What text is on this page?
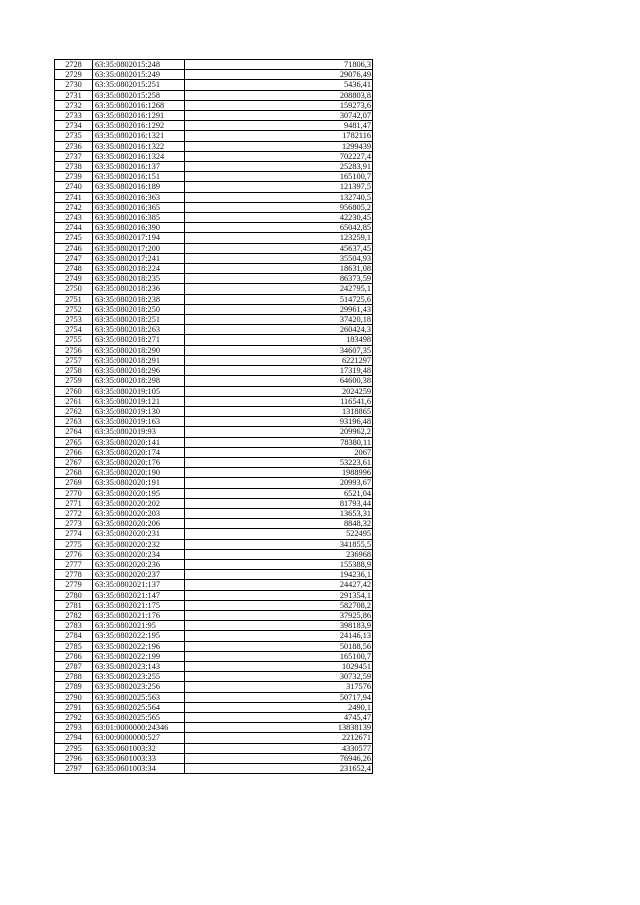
2728	63:35:0802015:248	71806,3
2729	63:35:0802015:249	29076,49
2730	63:35:0802015:251	5436,41
2731	63:35:0802015:258	208803,8
2732	63:35:0802016:1268	159273,6
2733	63:35:0802016:1291	30742,07
2734	63:35:0802016:1292	9481,47
2735	63:35:0802016:1321	1782116
2736	63:35:0802016:1322	1299439
2737	63:35:0802016:1324	702227,4
2738	63:35:0802016:137	25283,91
2739	63:35:0802016:151	165100,7
2740	63:35:0802016:189	121397,5
2741	63:35:0802016:363	132740,5
2742	63:35:0802016:365	956805,2
2743	63:35:0802016:385	42230,45
2744	63:35:0802016:390	65042,85
2745	63:35:0802017:194	123259,1
2746	63:35:0802017:200	45637,45
2747	63:35:0802017:241	35504,93
2748	63:35:0802018:224	18631,08
2749	63:35:0802018:235	86373,59
2750	63:35:0802018:236	242795,1
2751	63:35:0802018:238	514725,6
2752	63:35:0802018:250	29961,43
2753	63:35:0802018:251	37420,18
2754	63:35:0802018:263	260424,3
2755	63:35:0802018:271	183498
2756	63:35:0802018:290	34607,35
2757	63:35:0802018:291	6221297
2758	63:35:0802018:296	17319,48
2759	63:35:0802018:298	64600,38
2760	63:35:0802019:105	2024259
2761	63:35:0802019:121	116541,6
2762	63:35:0802019:130	1318865
2763	63:35:0802019:163	93196,48
2764	63:35:0802019:93	209962,2
2765	63:35:0802020:141	78380,11
2766	63:35:0802020:174	2067
2767	63:35:0802020:176	53223,61
2768	63:35:0802020:190	1988996
2769	63:35:0802020:191	20993,67
2770	63:35:0802020:195	6521,04
2771	63:35:0802020:202	81793,44
2772	63:35:0802020:203	13653,31
2773	63:35:0802020:206	8848,32
2774	63:35:0802020:231	522495
2775	63:35:0802020:232	341855,5
2776	63:35:0802020:234	236968
2777	63:35:0802020:236	155388,9
2778	63:35:0802020:237	194236,1
2779	63:35:0802021:137	24427,42
2780	63:35:0802021:147	291354,1
2781	63:35:0802021:175	582708,2
2782	63:35:0802021:176	37925,86
2783	63:35:0802021:95	398183,9
2784	63:35:0802022:195	24146,13
2785	63:35:0802022:196	50188,56
2786	63:35:0802022:199	165100,7
2787	63:35:0802023:143	1029451
2788	63:35:0802023:255	30732,59
2789	63:35:0802023:256	317576
2790	63:35:0802025:563	50717,94
2791	63:35:0802025:564	2490,1
2792	63:35:0802025:565	4745,47
2793	63:01:0000000:24346	13838139
2794	63:00:0000000:527	2212671
2795	63:35:0601003:32	4330577
2796	63:35:0601003:33	76946,26
2797	63:35:0601003:34	231652,4
